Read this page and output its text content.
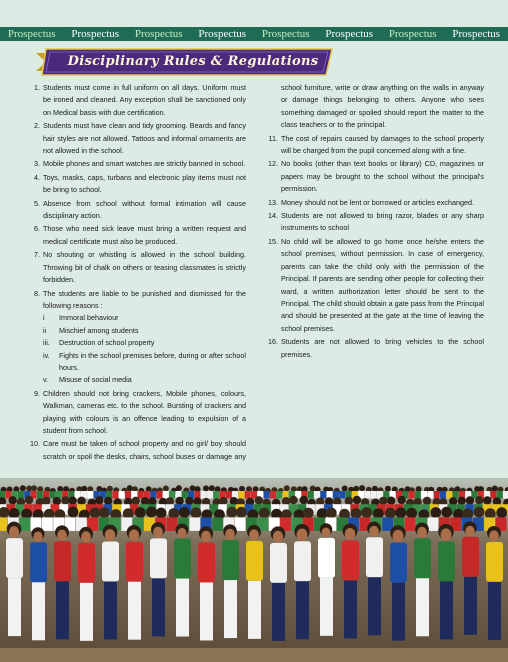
Prospectus	Prospectus	Prospectus	Prospectus	Prospectus	Prospectus	Prospectus	Prospectus
Disciplinary Rules & Regulations
1. Students must come in full uniform on all days. Uniform must be ironed and cleaned. Any exception shall be sanctioned only on Medical basis with due certification.
2. Students must have clean and tidy grooming. Beards and fancy hair styles are not allowed. Tattoos and informal ornaments are not allowed in the school.
3. Mobile phones and smart watches are strictly banned in school.
4. Toys, masks, caps, turbans and electronic play items must not be bring to school.
5. Absence from school without formal intimation will cause disciplinary action.
6. Those who need sick leave must bring a written request and medical certificate must also be produced.
7. No shouting or whistling is allowed in the school building. Throwing bit of chalk on others or teasing classmates is strictly forbidden.
8. The students are liable to be punished and dismissed for the following reasons :
i Immoral behaviour
ii Mischief among students
iii. Destruction of school property
iv. Fights in the school premises before, during or after school hours.
v. Misuse of social media
9. Children should not bring crackers, Mobile phones, colours, Walkman, cameras etc. to the school. Bursting of crackers and playing with colours is an offence leading to expulsion of a student from school.
10. Care must be taken of school property and no girl/ boy should scratch or spoil the desks, chairs, school buses or damage any school furniture, write or draw anything on the walls in anyway or damage things belonging to others. Anyone who sees something damaged or spoiled should report the matter to the class teachers or to the principal.
11. The cost of repairs caused by damages to the school property will be charged from the pupil concerned along with a fine.
12. No books (other than text books or library) CD, magazines or papers may be brought to the school without the principal's permission.
13. Money should not be lent or borrowed or articles exchanged.
14. Students are not allowed to bring razor, blades or any sharp instruments to school
15. No child will be allowed to go home once he/she enters the school premises, without permission. In case of emergency, parents can take the child only with the permission of the Principal. If parents are sending other people for collecting their ward, a written authorization letter should be sent to the Principal. The child should obtain a gate pass from the Principal and should be presented at the gate at the time of leaving the school premises.
16. Students are not allowed to bring vehicles to the school premises.
